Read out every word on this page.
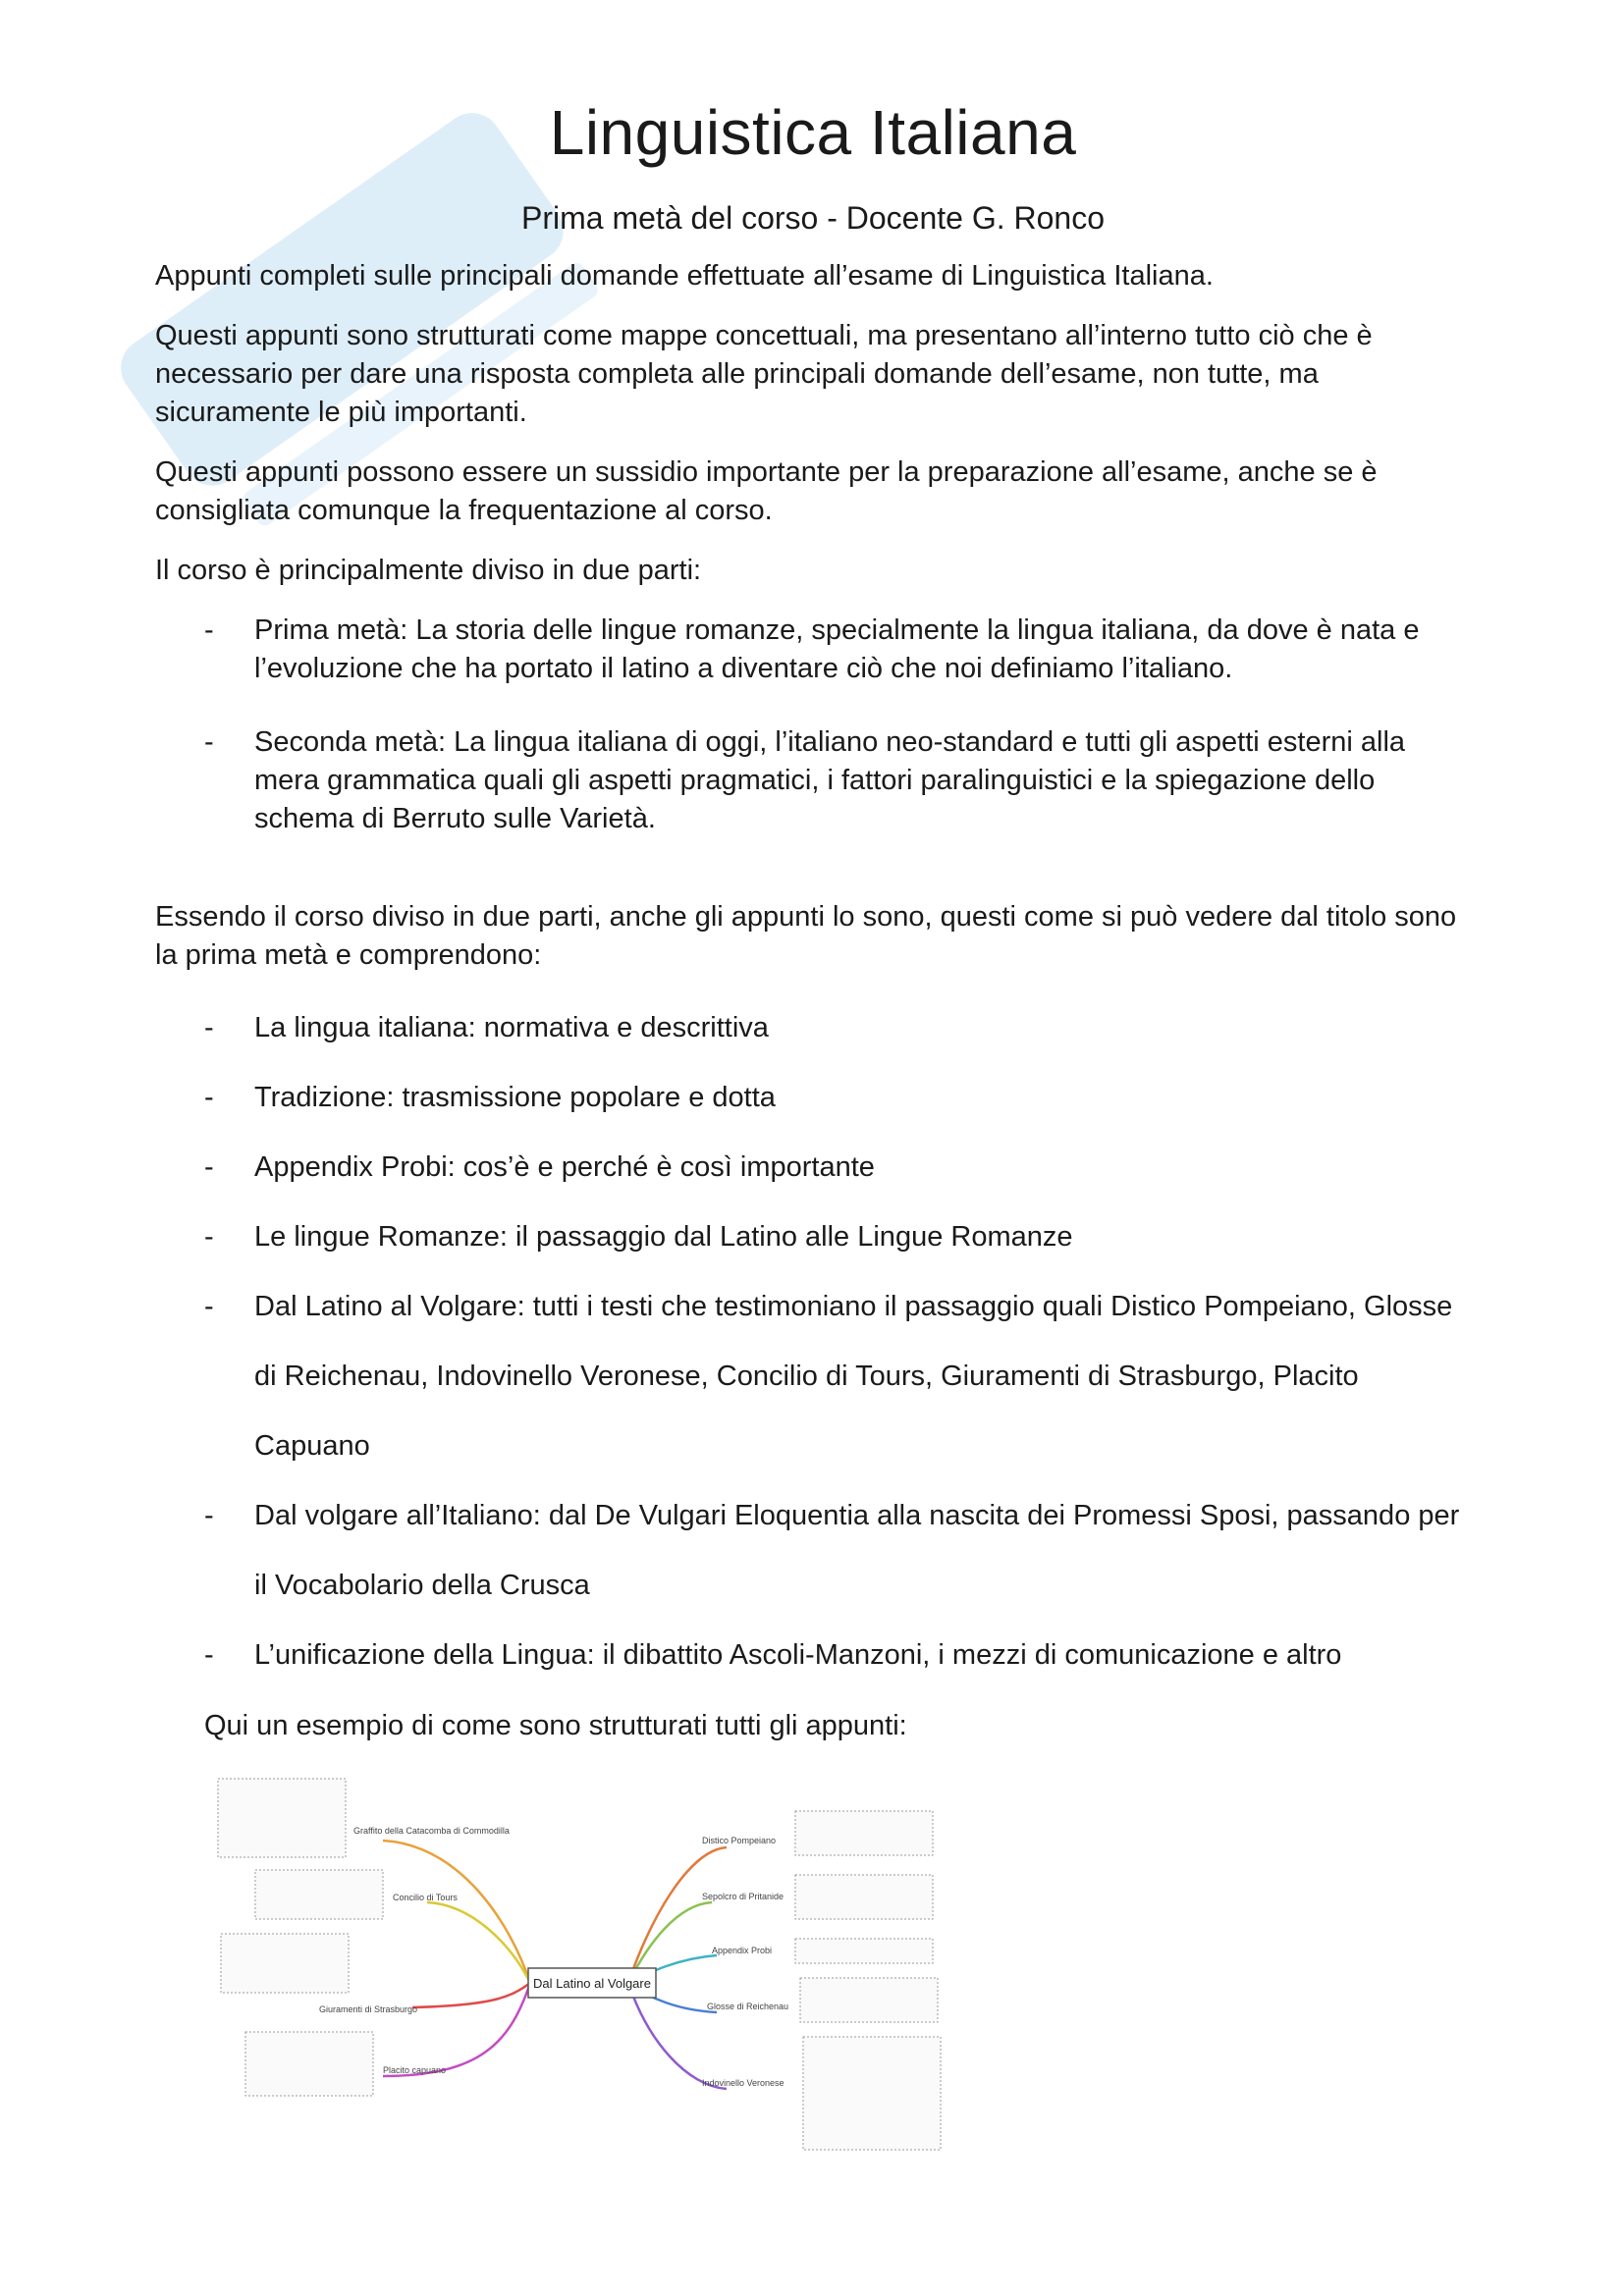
Linguistica Italiana
Prima metà del corso - Docente G. Ronco

Appunti completi sulle principali domande effettuate all’esame di Linguistica Italiana.

Questi appunti sono strutturati come mappe concettuali, ma presentano all’interno tutto ciò che è necessario per dare una risposta completa alle principali domande dell’esame, non tutte, ma sicuramente le più importanti.

Questi appunti possono essere un sussidio importante per la preparazione all’esame, anche se è consigliata comunque la frequentazione al corso.

Il corso è principalmente diviso in due parti:

- Prima metà: La storia delle lingue romanze, specialmente la lingua italiana, da dove è nata e l’evoluzione che ha portato il latino a diventare ciò che noi definiamo l’italiano.
- Seconda metà: La lingua italiana di oggi, l’italiano neo-standard e tutti gli aspetti esterni alla mera grammatica quali gli aspetti pragmatici, i fattori paralinguistici e la spiegazione dello schema di Berruto sulle Varietà.

Essendo il corso diviso in due parti, anche gli appunti lo sono, questi come si può vedere dal titolo sono la prima metà e comprendono:

- La lingua italiana: normativa e descrittiva
- Tradizione: trasmissione popolare e dotta
- Appendix Probi: cos’è e perché è così importante
- Le lingue Romanze: il passaggio dal Latino alle Lingue Romanze
- Dal Latino al Volgare: tutti i testi che testimoniano il passaggio quali Distico Pompeiano, Glosse di Reichenau, Indovinello Veronese, Concilio di Tours, Giuramenti di Strasburgo, Placito Capuano
- Dal volgare all’Italiano: dal De Vulgari Eloquentia alla nascita dei Promessi Sposi, passando per il Vocabolario della Crusca
- L’unificazione della Lingua: il dibattito Ascoli-Manzoni, i mezzi di comunicazione e altro
Qui un esempio di come sono strutturati tutti gli appunti:
Dal Latino al Volgare
Graffito della Catacomba di Commodilla
Concilio di Tours
Giuramenti di Strasburgo
Placito capuano
Distico Pompeiano
Sepolcro di Pritanide
Appendix Probi
Glosse di Reichenau
Indovinello Veronese
